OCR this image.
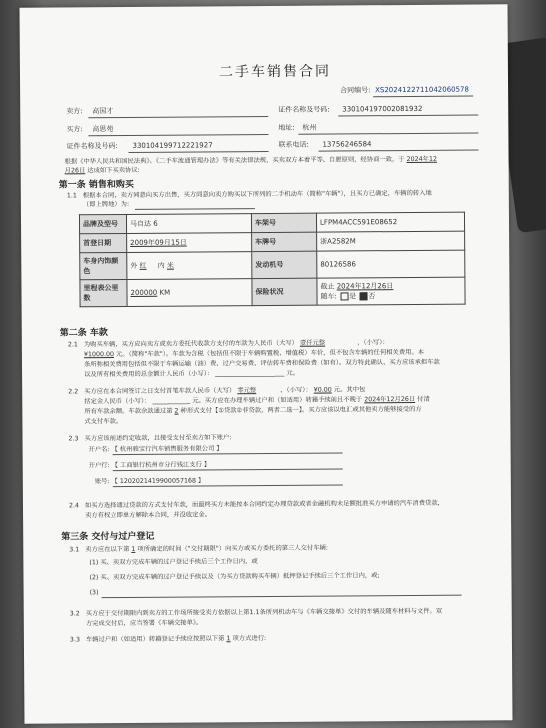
二手车销售合同
合同编号: XS2024122711042060578
卖方: 高国才	证件名称及号码: 330104197002081932
买方: 高思苑	地址: 杭州
证件名称及号码: 330104199712221927	联系电话: 13756246584
根据《中华人民共和国民法典》、《二手车流通管理办法》等有关法律法规，买卖双方本着平等、自愿原则，经协商一致，于 2024年12
月26日 达成如下买卖协议:
第一条 销售和购买
1.1 根据本合同，卖方同意向买方出售，买方同意向卖方购买以下所列的二手机动车（简称"车辆"），且买方已确定，车辆的转入地
（即上牌地）为:
品牌及型号	马自达 6	车架号	LFPM4ACC591E08652
首登日期	2009年09月15日	车牌号	浙A2582M
车身内饰颜色	外 红 内 米	发动机号	80126586
里程表公里数	200000 KM	保险状况	截止 2024年12月26日
随车: 是 否
第二条 车款
2.1 为购买车辆，买方应向卖方或卖方委托代收款方支付的车款为人民币（大写） 壹仟元整	，（小写）：
¥1000.00 元。（简称"车款"）。车款为含税（包括但不限于车辆购置税、增值税）车价，但不包含车辆的任何相关费用。本
条所称相关费用包括但不限于车辆运输（油）费、过户交易费、评估转车费和保险费（如有）。双方特此确认，买方应该承担车款
以及所有相关费用的总金额计人民币（小写）： ______________________ 元。
2.2 买方应在本合同签订之日支付首笔车款人民币（大写） 零元整	，（小写）： ¥0.00 元。其中包
括定金人民币（小写）： ____________ 元。买方应在办理车辆过户和（如适用）转籍手续前且不晚于 2024年12月26日 付清
所有车款余额。车款余款通过第 2 种形式支付【①贷款②非贷款，两者二选一】。买方应该以电汇或其他卖方能够接受的方
式支付车款。
2.3 买方应该前述约定收款，且接受支付至卖方如下账户:
开户名: 【 杭州骏宝行汽车销售服务有限公司 】
开户行: 【 工商银行杭州市分行钱江支行 】
账号: 【 1202021419900057168 】
2.4 如买方选择通过贷款的方式支付车款，而最终买方未能按本合同约定办理贷款或者金融机构未足额批准买方申请的汽车消费贷款，
卖方有权立即单方解除本合同，并没收定金。
第三条 交付与过户登记
3.1 卖方应在以下第 1 项所确定的时间（"交付期限"）向买方或买方委托的第三人交付车辆:
(1) 买、卖双方完成车辆的过户登记手续后三个工作日内，或
(2) 买、卖双方完成车辆的过户登记手续以及（为买方贷款购买车辆）抵押登记手续后三个工作日内，或;
(3)
3.2 买方应于交付期限内到卖方的工作场所接受卖方依据以上第1.1条所列机动车与《车辆交接单》交付的车辆及随车材料与文件。双
方完成交付后，应当签署《车辆交接单》。
3.3 车辆过户和（如适用）转籍登记手续应按照以下第 1 项方式进行:
